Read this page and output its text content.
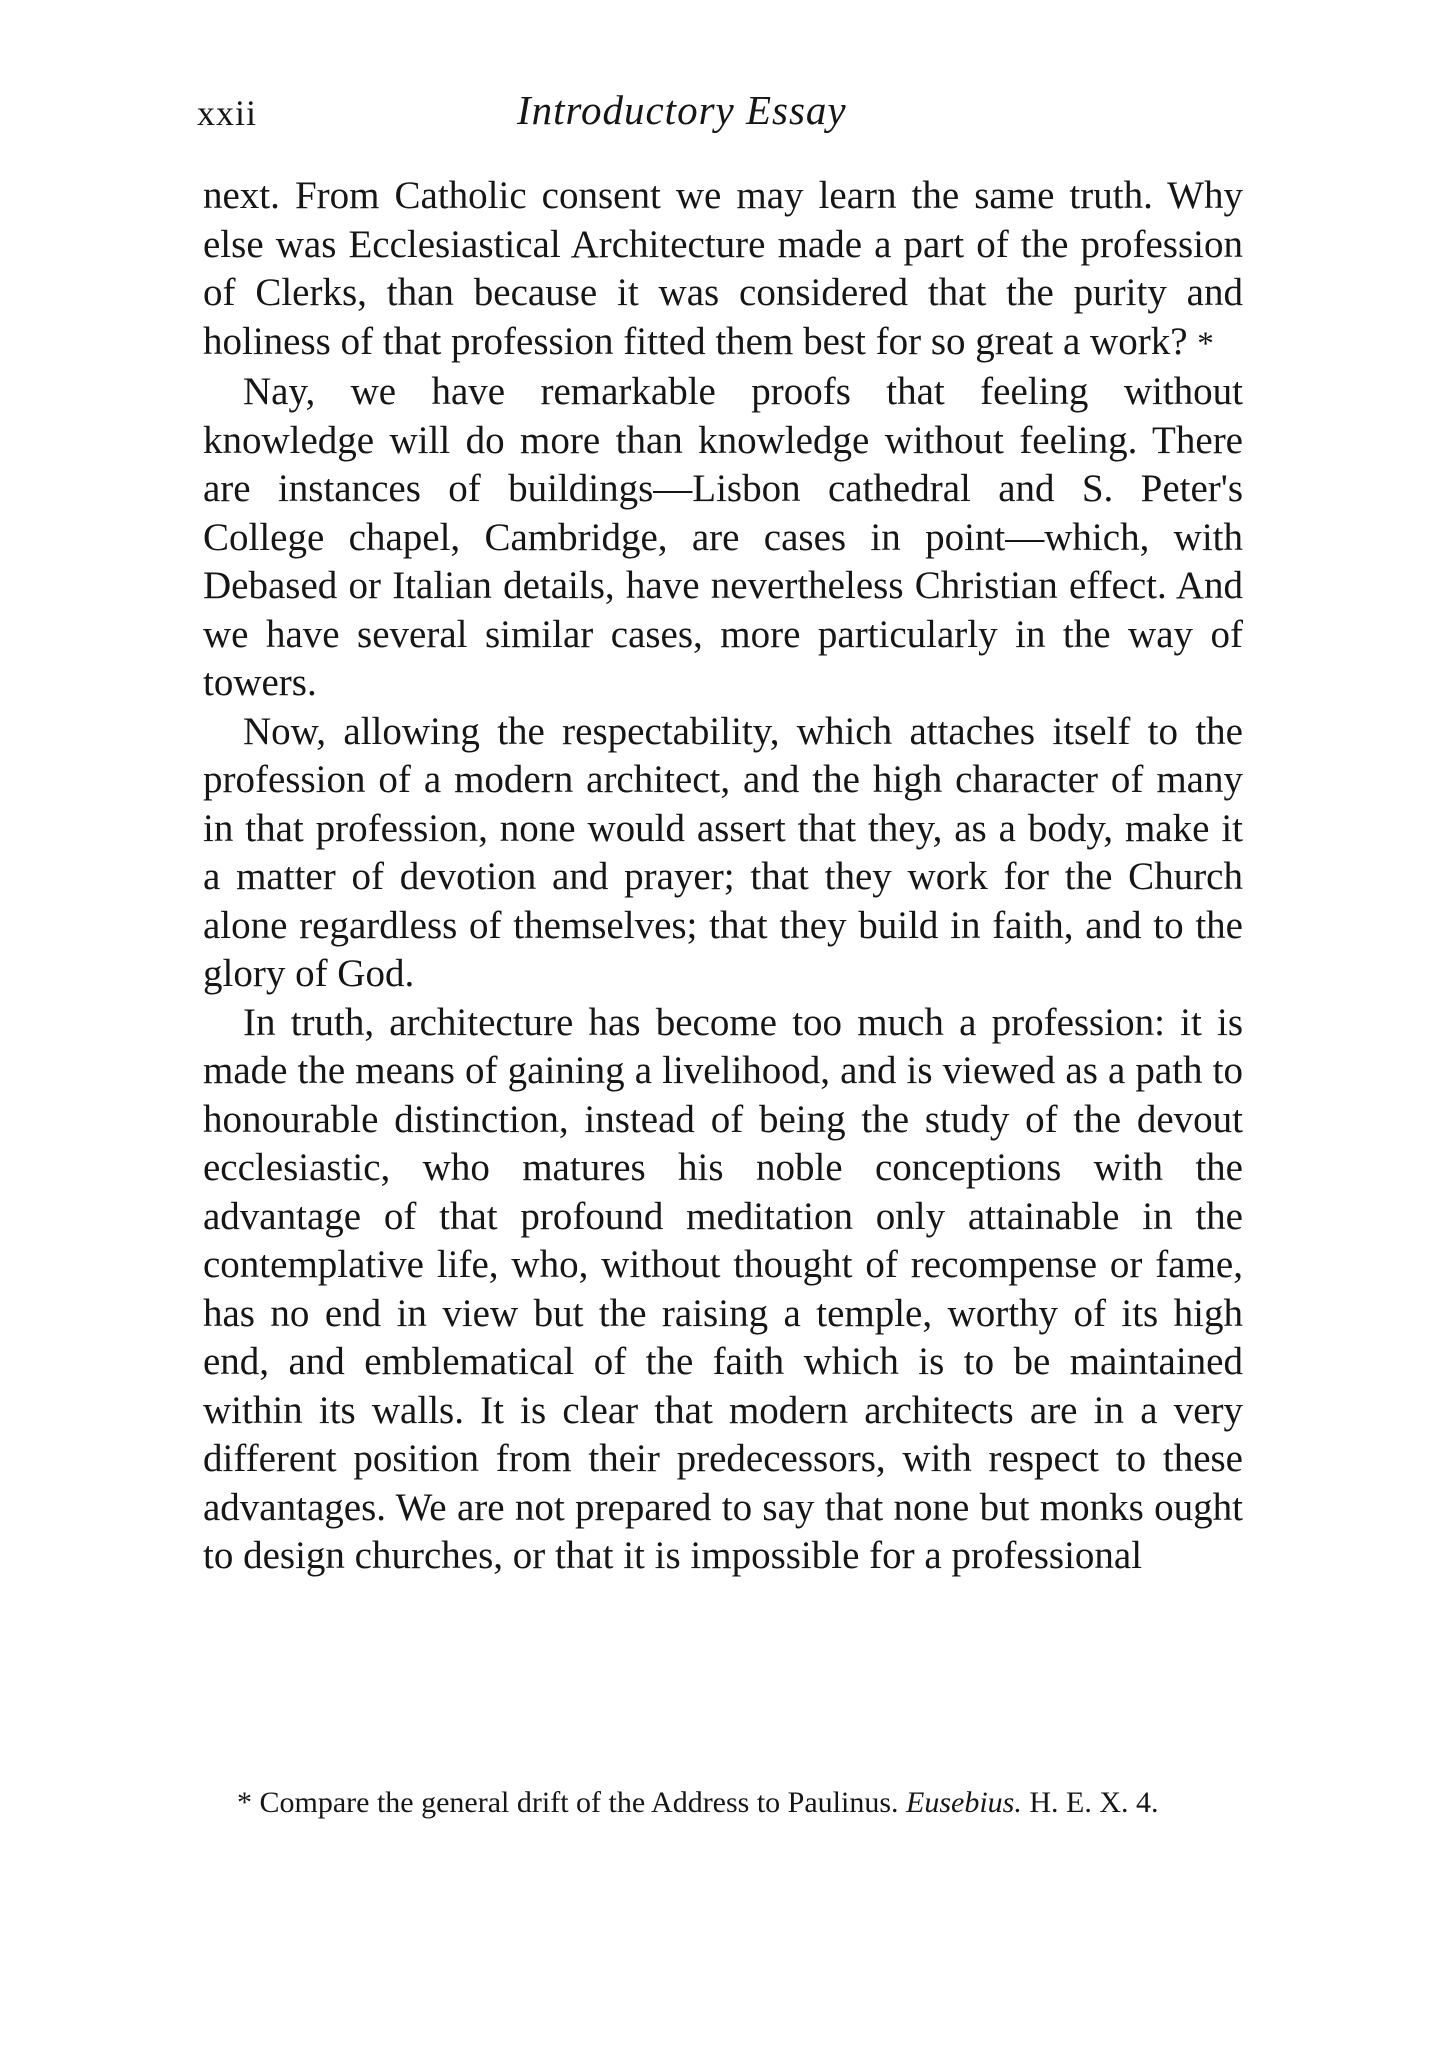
xxii	Introductory Essay

next. From Catholic consent we may learn the same truth. Why else was Ecclesiastical Architecture made a part of the profession of Clerks, than because it was considered that the purity and holiness of that profession fitted them best for so great a work? *

Nay, we have remarkable proofs that feeling without knowledge will do more than knowledge without feeling. There are instances of buildings—Lisbon cathedral and S. Peter's College chapel, Cambridge, are cases in point—which, with Debased or Italian details, have nevertheless Christian effect. And we have several similar cases, more particularly in the way of towers.

Now, allowing the respectability, which attaches itself to the profession of a modern architect, and the high character of many in that profession, none would assert that they, as a body, make it a matter of devotion and prayer; that they work for the Church alone regardless of themselves; that they build in faith, and to the glory of God.

In truth, architecture has become too much a profession: it is made the means of gaining a livelihood, and is viewed as a path to honourable distinction, instead of being the study of the devout ecclesiastic, who matures his noble conceptions with the advantage of that profound meditation only attainable in the contemplative life, who, without thought of recompense or fame, has no end in view but the raising a temple, worthy of its high end, and emblematical of the faith which is to be maintained within its walls. It is clear that modern architects are in a very different position from their predecessors, with respect to these advantages. We are not prepared to say that none but monks ought to design churches, or that it is impossible for a professional

* Compare the general drift of the Address to Paulinus. Eusebius. H. E. X. 4.
